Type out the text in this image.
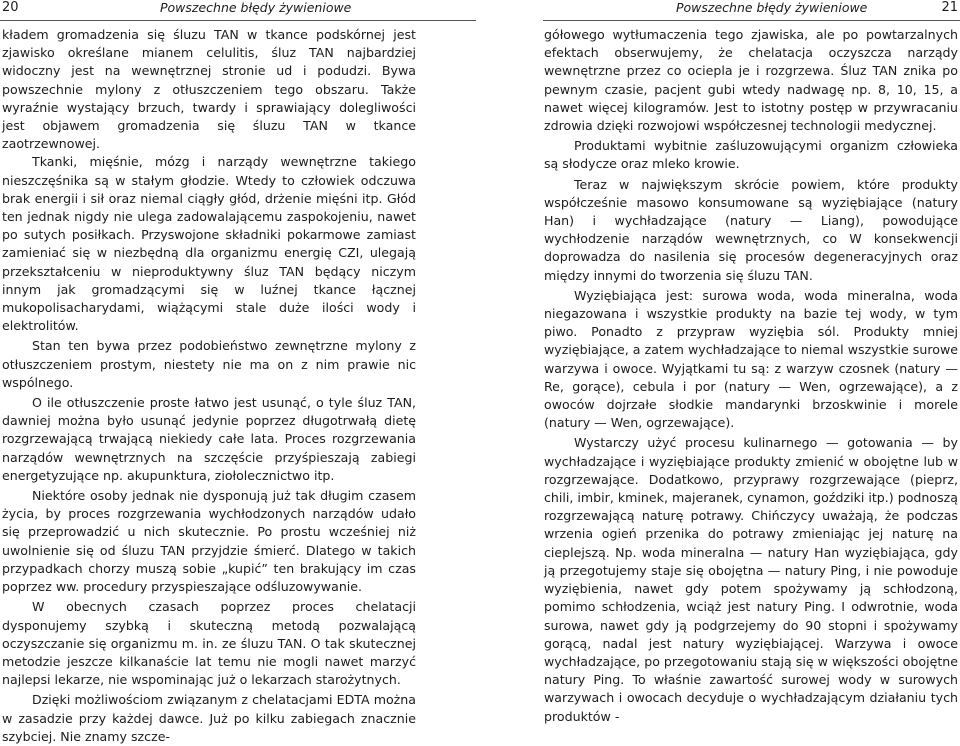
20	Powszechne błędy żywieniowe

kładem gromadzenia się śluzu TAN w tkance podskórnej jest zjawisko określane mianem celulitis, śluz TAN najbardziej widoczny jest na wewnętrznej stronie ud i podudzi. Bywa powszechnie mylony z otłuszczeniem tego obszaru. Także wyraźnie wystający brzuch, twardy i sprawiający dolegliwości jest objawem gromadzenia się śluzu TAN w tkance zaotrzewnowej.

Tkanki, mięśnie, mózg i narządy wewnętrzne takiego nieszczęśnika są w stałym głodzie. Wtedy to człowiek odczuwa brak energii i sił oraz niemal ciągły głód, drżenie mięśni itp. Głód ten jednak nigdy nie ulega zadowalającemu zaspokojeniu, nawet po sutych posiłkach. Przyswojone składniki pokarmowe zamiast zamieniać się w niezbędną dla organizmu energię CZI, ulegają przekształceniu w nieproduktywny śluz TAN będący niczym innym jak gromadzącymi się w luźnej tkance łącznej mukopolisacharydami, wiążącymi stale duże ilości wody i elektrolitów.

Stan ten bywa przez podobieństwo zewnętrzne mylony z otłuszczeniem prostym, niestety nie ma on z nim prawie nic wspólnego.

O ile otłuszczenie proste łatwo jest usunąć, o tyle śluz TAN, dawniej można było usunąć jedynie poprzez długotrwałą dietę rozgrzewającą trwającą niekiedy całe lata. Proces rozgrzewania narządów wewnętrznych na szczęście przyśpieszają zabiegi energetyzujące np. akupunktura, ziołolecznictwo itp.

Niektóre osoby jednak nie dysponują już tak długim czasem życia, by proces rozgrzewania wychłodzonych narządów udało się przeprowadzić u nich skutecznie. Po prostu wcześniej niż uwolnienie się od śluzu TAN przyjdzie śmierć. Dlatego w takich przypadkach chorzy muszą sobie „kupić” ten brakujący im czas poprzez ww. procedury przyspieszające odśluzowywanie.

W obecnych czasach poprzez proces chelatacji dysponujemy szybką i skuteczną metodą pozwalającą oczyszczanie się organizmu m. in. ze śluzu TAN. O tak skutecznej metodzie jeszcze kilkanaście lat temu nie mogli nawet marzyć najlepsi lekarze, nie wspominając już o lekarzach starożytnych.

Dzięki możliwościom związanym z chelatacjami EDTA można w zasadzie przy każdej dawce. Już po kilku zabiegach znacznie szybciej. Nie znamy szcze-

Powszechne błędy żywieniowe	21

gółowego wytłumaczenia tego zjawiska, ale po powtarzalnych efektach obserwujemy, że chelatacja oczyszcza narządy wewnętrzne przez co ociepla je i rozgrzewa. Śluz TAN znika po pewnym czasie, pacjent gubi wtedy nadwagę np. 8, 10, 15, a nawet więcej kilogramów. Jest to istotny postęp w przywracaniu zdrowia dzięki rozwojowi współczesnej technologii medycznej.

Produktami wybitnie zaśluzowującymi organizm człowieka są słodycze oraz mleko krowie.

Teraz w największym skrócie powiem, które produkty współcześnie masowo konsumowane są wyziębiające (natury Han) i wychładzające (natury — Liang), powodujące wychłodzenie narządów wewnętrznych, co W konsekwencji doprowadza do nasilenia się procesów degeneracyjnych oraz między innymi do tworzenia się śluzu TAN.

Wyziębiająca jest: surowa woda, woda mineralna, woda niegazowana i wszystkie produkty na bazie tej wody, w tym piwo. Ponadto z przypraw wyziębia sól. Produkty mniej wyziębiające, a zatem wychładzające to niemal wszystkie surowe warzywa i owoce. Wyjątkami tu są: z warzyw czosnek (natury — Re, gorące), cebula i por (natury — Wen, ogrzewające), a z owoców dojrzałe słodkie mandarynki brzoskwinie i morele (natury — Wen, ogrzewające).

Wystarczy użyć procesu kulinarnego — gotowania — by wychładzające i wyziębiające produkty zmienić w obojętne lub w rozgrzewające. Dodatkowo, przyprawy rozgrzewające (pieprz, chili, imbir, kminek, majeranek, cynamon, goździki itp.) podnoszą rozgrzewającą naturę potrawy. Chińczycy uważają, że podczas wrzenia ogień przenika do potrawy zmieniając jej naturę na cieplejszą. Np. woda mineralna — natury Han wyziębiająca, gdy ją przegotujemy staje się obojętna — natury Ping, i nie powoduje wyziębienia, nawet gdy potem spożywamy ją schłodzoną, pomimo schłodzenia, wciąż jest natury Ping. I odwrotnie, woda surowa, nawet gdy ją podgrzejemy do 90 stopni i spożywamy gorącą, nadal jest natury wyziębiającej. Warzywa i owoce wychładzające, po przegotowaniu stają się w większości obojętne natury Ping. To właśnie zawartość surowej wody w surowych warzywach i owocach decyduje o wychładzającym działaniu tych produktów -
